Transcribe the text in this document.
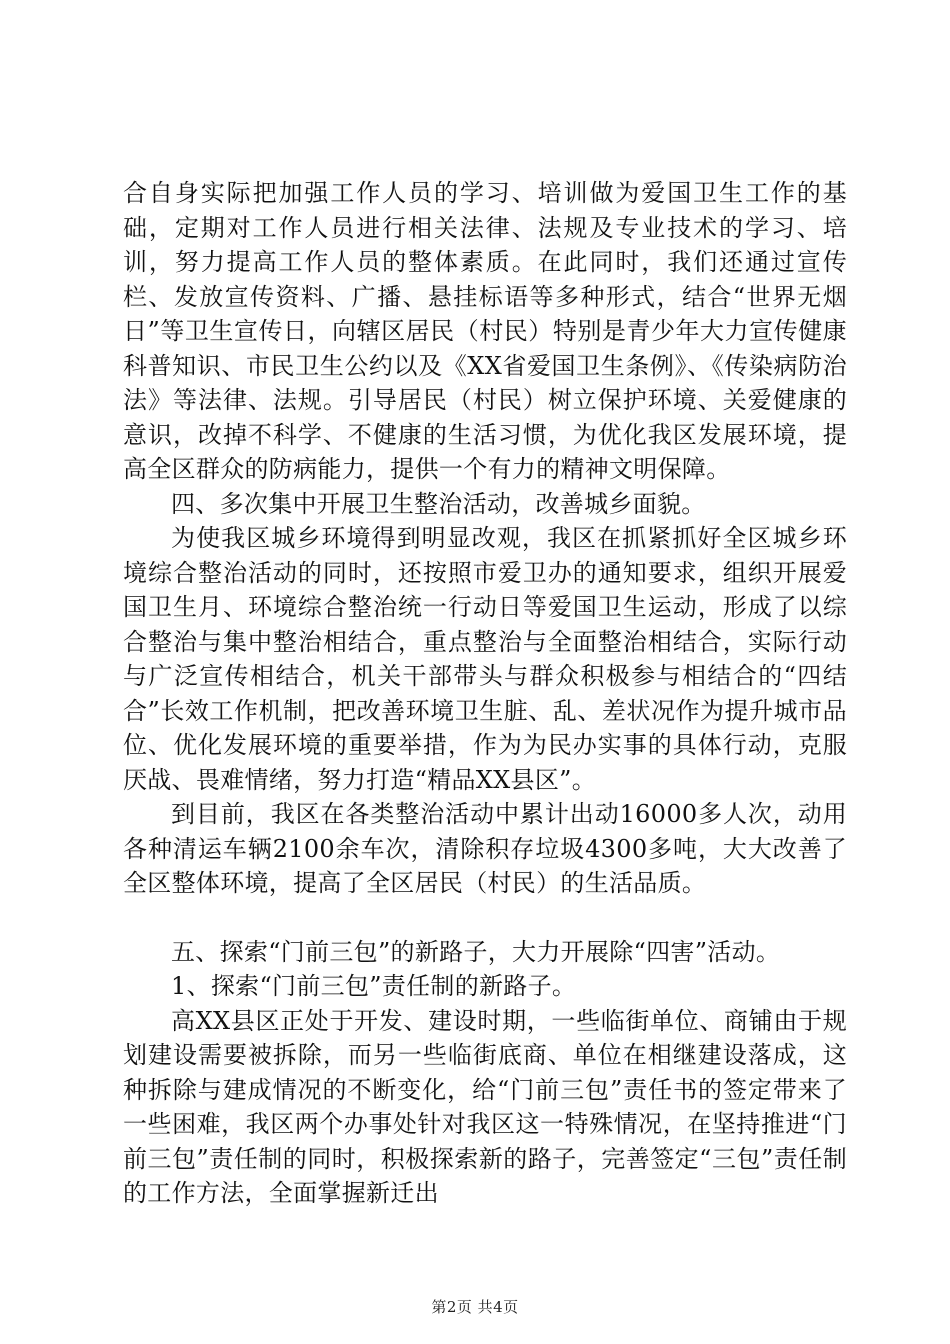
合自身实际把加强工作人员的学习、培训做为爱国卫生工作的基础，定期对工作人员进行相关法律、法规及专业技术的学习、培训，努力提高工作人员的整体素质。在此同时，我们还通过宣传栏、发放宣传资料、广播、悬挂标语等多种形式，结合“世界无烟日”等卫生宣传日，向辖区居民（村民）特别是青少年大力宣传健康科普知识、市民卫生公约以及《XX省爱国卫生条例》、《传染病防治法》等法律、法规。引导居民（村民）树立保护环境、关爱健康的意识，改掉不科学、不健康的生活习惯，为优化我区发展环境，提高全区群众的防病能力，提供一个有力的精神文明保障。

四、多次集中开展卫生整治活动，改善城乡面貌。

为使我区城乡环境得到明显改观，我区在抓紧抓好全区城乡环境综合整治活动的同时，还按照市爱卫办的通知要求，组织开展爱国卫生月、环境综合整治统一行动日等爱国卫生运动，形成了以综合整治与集中整治相结合，重点整治与全面整治相结合，实际行动与广泛宣传相结合，机关干部带头与群众积极参与相结合的“四结合”长效工作机制，把改善环境卫生脏、乱、差状况作为提升城市品位、优化发展环境的重要举措，作为为民办实事的具体行动，克服厌战、畏难情绪，努力打造“精品XX县区”。

到目前，我区在各类整治活动中累计出动16000多人次，动用各种清运车辆2100余车次，清除积存垃圾4300多吨，大大改善了全区整体环境，提高了全区居民（村民）的生活品质。

五、探索“门前三包”的新路子，大力开展除“四害”活动。

1、探索“门前三包”责任制的新路子。

高XX县区正处于开发、建设时期，一些临街单位、商铺由于规划建设需要被拆除，而另一些临街底商、单位在相继建设落成，这种拆除与建成情况的不断变化，给“门前三包”责任书的签定带来了一些困难，我区两个办事处针对我区这一特殊情况，在坚持推进“门前三包”责任制的同时，积极探索新的路子，完善签定“三包”责任制的工作方法，全面掌握新迁出

第2页 共4页
